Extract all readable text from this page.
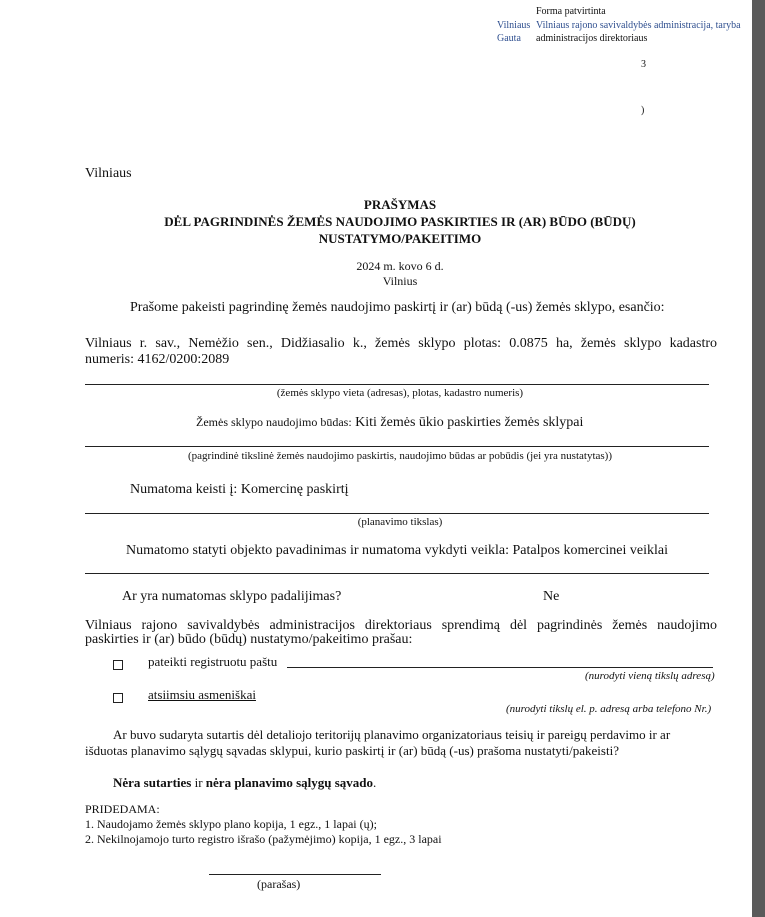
Forma patvirtinta
Vilniaus Vilniaus rajono savivaldybės administracija, taryba
Gauta administracijos direktoriaus
3
)
Vilniaus
PRAŠYMAS
DĖL PAGRINDINĖS ŽEMĖS NAUDOJIMO PASKIRTIES IR (AR) BŪDO (BŪDŲ)
NUSTATYMO/PAKEITIMO
2024 m. kovo 6 d.
Vilnius
Prašome pakeisti pagrindinę žemės naudojimo paskirtį ir (ar) būdą (-us) žemės sklypo, esančio:
Vilniaus r. sav., Nemėžio sen., Didžiasalio k., žemės sklypo plotas: 0.0875 ha, žemės sklypo kadastro
numeris: 4162/0200:2089
(žemės sklypo vieta (adresas), plotas, kadastro numeris)
Žemės sklypo naudojimo būdas: Kiti žemės ūkio paskirties žemės sklypai
(pagrindinė tikslinė žemės naudojimo paskirtis, naudojimo būdas ar pobūdis (jei yra nustatytas))
Numatoma keisti į: Komercinę paskirtį
(planavimo tikslas)
Numatomo statyti objekto pavadinimas ir numatoma vykdyti veikla: Patalpos komercinei veiklai
Ar yra numatomas sklypo padalijimas?	Ne
Vilniaus rajono savivaldybės administracijos direktoriaus sprendimą dėl pagrindinės žemės naudojimo
paskirties ir (ar) būdo (būdų) nustatymo/pakeitimo prašau:
pateikti registruotu paštu
(nurodyti vieną tikslų adresą)
atsiimsiu asmeniškai
(nurodyti tikslų el. p. adresą arba telefono Nr.)
Ar buvo sudaryta sutartis dėl detaliojo teritorijų planavimo organizatoriaus teisių ir pareigų perdavimo ir ar
išduotas planavimo sąlygų sąvadas sklypui, kurio paskirtį ir (ar) būdą (-us) prašoma nustatyti/pakeisti?
Nėra sutarties ir nėra planavimo sąlygų sąvado.
PRIDEDAMA:
1. Naudojamo žemės sklypo plano kopija, 1 egz., 1 lapai (ų);
2. Nekilnojamojo turto registro išrašo (pažymėjimo) kopija, 1 egz., 3 lapai
(parašas)
